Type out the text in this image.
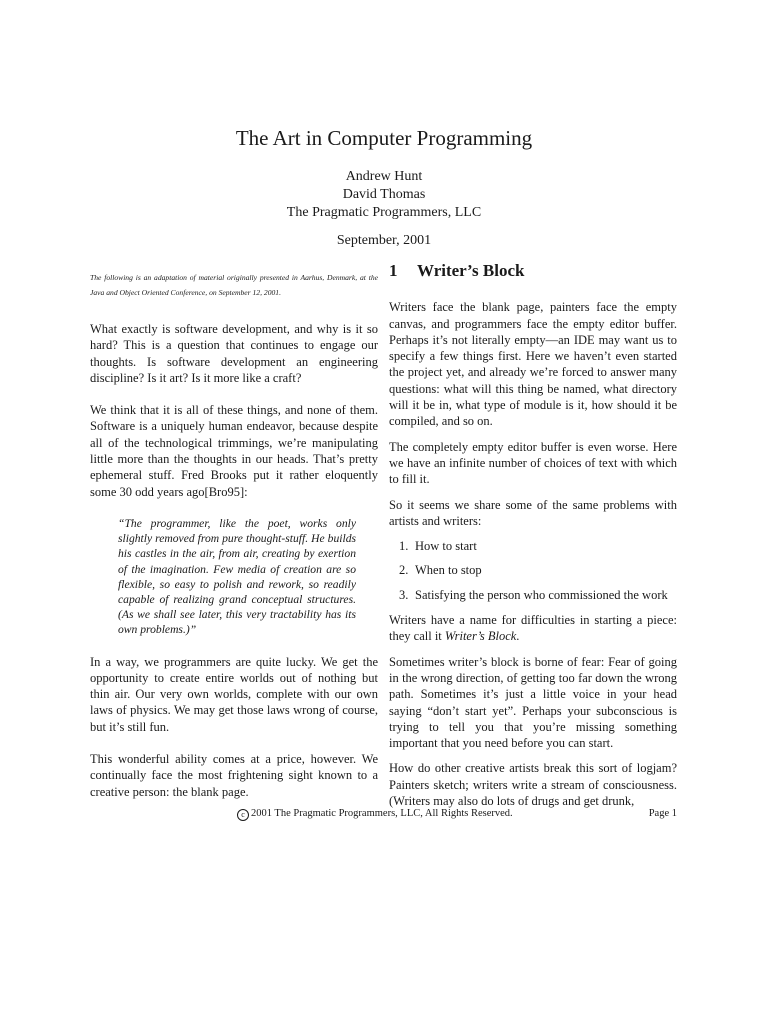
The Art in Computer Programming
Andrew Hunt
David Thomas
The Pragmatic Programmers, LLC
September, 2001
The following is an adaptation of material originally presented in Aarhus, Denmark, at the Java and Object Oriented Conference, on September 12, 2001.

What exactly is software development, and why is it so hard? This is a question that continues to engage our thoughts. Is software development an engineering discipline? Is it art? Is it more like a craft?

We think that it is all of these things, and none of them. Software is a uniquely human endeavor, because despite all of the technological trimmings, we’re manipulating little more than the thoughts in our heads. That’s pretty ephemeral stuff. Fred Brooks put it rather eloquently some 30 odd years ago[Bro95]:

“The programmer, like the poet, works only slightly removed from pure thought-stuff. He builds his castles in the air, from air, creating by exertion of the imagination. Few media of creation are so flexible, so easy to polish and rework, so readily capable of realizing grand conceptual structures. (As we shall see later, this very tractability has its own problems.)”

In a way, we programmers are quite lucky. We get the opportunity to create entire worlds out of nothing but thin air. Our very own worlds, complete with our own laws of physics. We may get those laws wrong of course, but it’s still fun.

This wonderful ability comes at a price, however. We continually face the most frightening sight known to a creative person: the blank page.

1 Writer’s Block

Writers face the blank page, painters face the empty canvas, and programmers face the empty editor buffer. Perhaps it’s not literally empty—an IDE may want us to specify a few things first. Here we haven’t even started the project yet, and already we’re forced to answer many questions: what will this thing be named, what directory will it be in, what type of module is it, how should it be compiled, and so on.

The completely empty editor buffer is even worse. Here we have an infinite number of choices of text with which to fill it.

So it seems we share some of the same problems with artists and writers:

1. How to start
2. When to stop
3. Satisfying the person who commissioned the work

Writers have a name for difficulties in starting a piece: they call it Writer’s Block.

Sometimes writer’s block is borne of fear: Fear of going in the wrong direction, of getting too far down the wrong path. Sometimes it’s just a little voice in your head saying “don’t start yet”. Perhaps your subconscious is trying to tell you that you’re missing something important that you need before you can start.

How do other creative artists break this sort of logjam? Painters sketch; writers write a stream of consciousness. (Writers may also do lots of drugs and get drunk,

c 2001 The Pragmatic Programmers, LLC, All Rights Reserved.	Page 1
